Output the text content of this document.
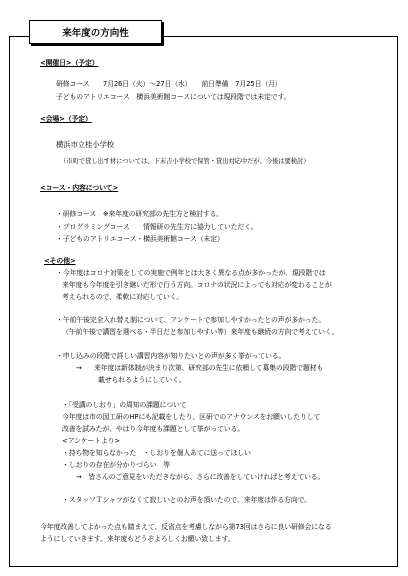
来年度の方向性
<開催日>（予定）
研修コース　　7月26日（火）～27日（水）　　前日準備　7月25日（月）
子どものアトリエコース　横浜美術館コースについては現段階では未定です。
<会場>（予定）
横浜市立桂小学校
（市町で貸し出す材については、下末吉小学校で保管・貸出対応中だが、今後は要検討）
<コース・内容について>
・研修コース　※来年度の研究部の先生方と検討する。
・プログラミングコース　　情報研の先生方に協力していただく。
・子どものアトリエコース・横浜美術館コース（未定）
<その他>
・今年度はコロナ対策をしての実施で例年とは大きく異なる点が多かったが、現段階では
来年度も今年度を引き継いだ形で行う方向。コロナの状況によっても対応が変わることが
考えられるので、柔軟に対応していく。
・午前午後完全入れ替え制について、アンケートで参加しやすかったとの声が多かった。
（午前午後で講習を選べる・半日だと参加しやすい等）来年度も継続の方向で考えていく。
・申し込みの段階で詳しい講習内容が知りたいとの声が多く挙がっている。
→ 来年度は新体制が決まり次第、研究部の先生に依頼して募集の段階で題材も
載せられるようにしていく。
・「受講のしおり」の周知の課題について
今年度は市の図工研のHPにも記載をしたり、区研でのアナウンスをお願いしたりして
改善を試みたが、やはり今年度も課題として挙がっている。
<アンケートより>
・持ち物を知らなかった　・しおりを個人あてに送ってほしい
・しおりの存在が分かりづらい　等
→　皆さんのご意見をいただきながら、さらに改善をしていければと考えている。
・スタッフＴシャツがなくて寂しいとのお声を頂いたので、来年度は作る方向で。
今年度改善してよかった点も踏まえて、反省点を考慮しながら第73回はさらに良い研修会になる
ようにしていきます。来年度もどうぞよろしくお願い致します。
